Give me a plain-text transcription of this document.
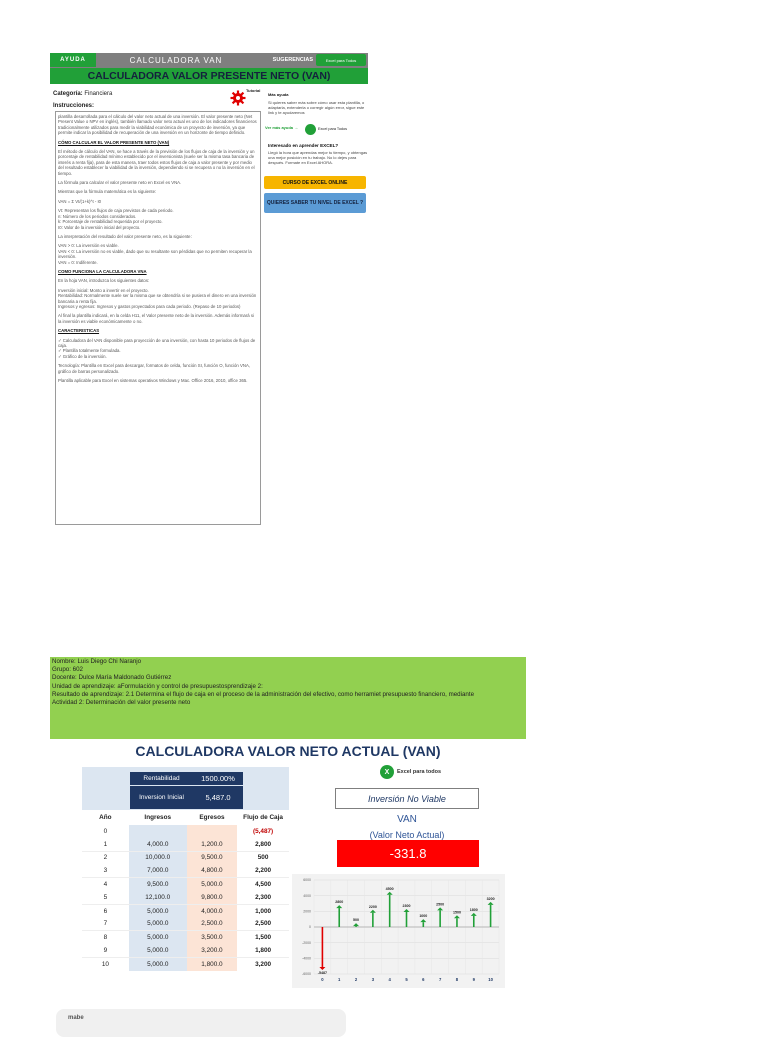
AYUDA	CALCULADORA VAN	SUGERENCIAS	Excel para Todos
CALCULADORA VALOR PRESENTE NETO (VAN)
Categoría: Financiera
Instrucciones:
Tutorial

plantilla desarrollada para el cálculo del valor neto actual de una inversión. El valor presente neto (Net Present Value o NPV en inglés), también llamado valor neto actual es uno de los indicadores financieros tradicionalmente utilizados para medir la viabilidad económica de un proyecto de inversión, ya que permite indicar la posibilidad de recuperación de una inversión en un horizonte de tiempo definido.

CÓMO CALCULAR EL VALOR PRESENTE NETO (VAN)

El método de cálculo del VAN, se hace a través de la previsión de los flujos de caja de la inversión y un porcentaje de rentabilidad mínimo establecido por el inversionista (suele ser la misma tasa bancaria de interés a renta fija), para de esta manera, traer todos estos flujos de caja a valor presente y por medio del resultado establecer la viabilidad de la inversión, dependiendo si se recupera o no la inversión en el tiempo.

La fórmula para calcular el valor presente neto en Excel es VNA.

Mientras que la fórmula matemática es la siguiente:

VAN = Σ Vt/(1+k)^t - I0

Vt: Representan los flujos de caja previstos de cada periodo.
n: Número de los periodos considerados.
k: Porcentaje de rentabilidad requerida por el proyecto.

I0: Valor de la inversión inicial del proyecto.

La interpretación del resultado del valor presente neto, es la siguiente:

VAN > 0: La inversión es viable.
VAN < 0: La inversión no es viable, dado que su resultante son pérdidas que no permiten recuperar la inversión.

VAN = 0: Indiferente.

COMO FUNCIONA LA CALCULADORA VNA

En la hoja VAN, introduzca los siguientes datos:

Inversión inicial: Monto a invertir en el proyecto.
Rentabilidad: Normalmente suele ser la misma que se obtendría si se pusiera el dinero en una inversión bancaria a renta fija.

Ingresos y egresos: Ingresos y gastos proyectados para cada periodo. (Repaso de 10 periodos)

Al final la plantilla indicará, en la celda H11, el Valor presente neto de la inversión. Además informará si la inversión es viable económicamente o no.

CARACTERISTICAS

✓ Calculadora del VAN disponible para proyección de una inversión, con hasta 10 periodos de flujos de caja.
✓ Plantilla totalmente formulada.

✓ Gráfico de la inversión.

Tecnología: Plantilla en Excel para descargar, formatos de celda, función SI, función O, función VNA, gráfico de barras personalizado.

Plantilla aplicable para Excel en sistemas operativos Windows y Mac. Office 2016, 2010, office 365.

Más ayuda
Si quieres saber más sobre cómo usar esta plantilla, o adaptarla, extenderla o corregir algún error, sigue este link y te ayudaremos
Ver más ayuda →	Excel para Todos
Interesado en aprender EXCEL?
Llegó la hora que aprendas mejor tu tiempo, y obtengas una mejor posición en tu trabajo. No lo dejes para después. Formate en Excel AHORA.
CURSO DE EXCEL ONLINE
QUIERES SABER TU NIVEL DE EXCEL ?
Nombre: Luis Diego Chi Naranjo
Grupo: 602
Docente: Dulce María Maldonado Gutiérrez
Unidad de aprendizaje: aFormulación y control de presupuestosprendizaje 2:
Resultado de aprendizaje: 2.1 Determina el flujo de caja en el proceso de la administración del efectivo, como herramiet presupuesto financiero, mediante
Actividad 2: Determinación del valor presente neto
CALCULADORA VALOR NETO ACTUAL (VAN)
Rentabilidad	1500.00%
Inversion Inicial	5,487.0
Año	Ingresos	Egresos	Flujo de Caja
0			(5,487)
1	4,000.0	1,200.0	2,800
2	10,000.0	9,500.0	500
3	7,000.0	4,800.0	2,200
4	9,500.0	5,000.0	4,500
5	12,100.0	9,800.0	2,300
6	5,000.0	4,000.0	1,000
7	5,000.0	2,500.0	2,500
8	5,000.0	3,500.0	1,500
9	5,000.0	3,200.0	1,800
10	5,000.0	1,800.0	3,200
X	Excel para todos
Inversión No Viable
VAN
(Valor Neto Actual)
-331.8
-6000
-4000
-2000
0
2000
4000
6000
-5487
0
2800
1
500
2
2200
3
4500
4
2300
5
1000
6
2500
7
1500
8
1800
9
3200
10
mabe
